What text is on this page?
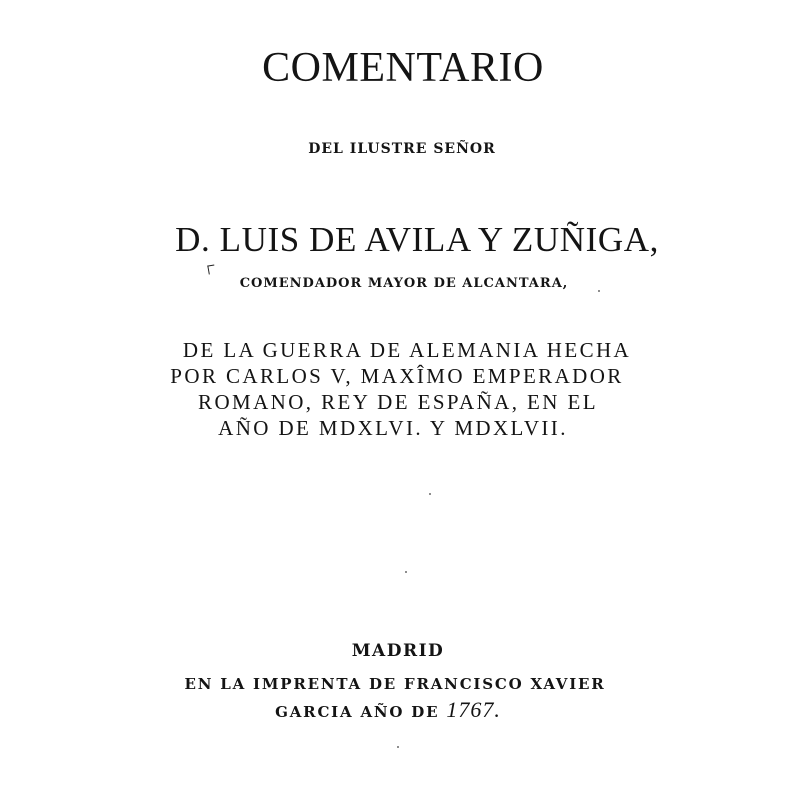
COMENTARIO

DEL ILUSTRE SEÑOR

D. LUIS DE AVILA Y ZUÑIGA,

COMENDADOR MAYOR DE ALCANTARA,

DE LA GUERRA DE ALEMANIA HECHA

POR CARLOS V, MAXÎMO EMPERADOR

ROMANO, REY DE ESPAÑA, EN EL

AÑO DE MDXLVI. Y MDXLVII.

MADRID

EN LA IMPRENTA DE FRANCISCO XAVIER

GARCIA AÑO DE 1767.
